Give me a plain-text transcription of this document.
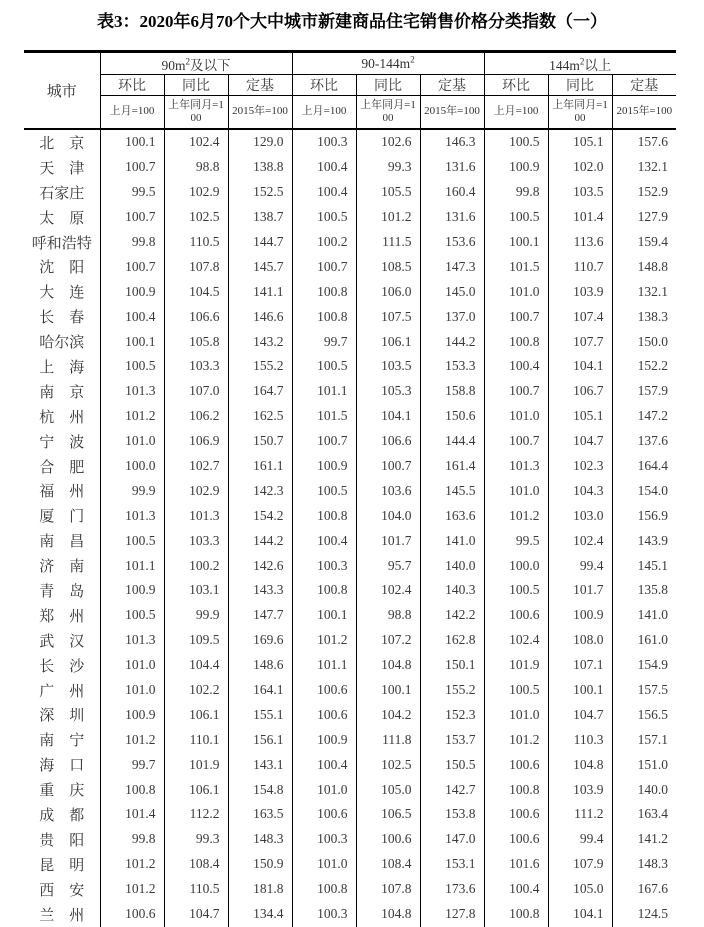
表3：2020年6月70个大中城市新建商品住宅销售价格分类指数（一）
城市	$90m^2$及以下			$90-144m^2$			$144m^2$以上		
	环比	同比	定基	环比	同比	定基	环比	同比	定基
	上月=100	上年同月=100	2015年=100	上月=100	上年同月=100	2015年=100	上月=100	上年同月=100	2015年=100
北　京	100.1	102.4	129.0	100.3	102.6	146.3	100.5	105.1	157.6
天　津	100.7	98.8	138.8	100.4	99.3	131.6	100.9	102.0	132.1
石家庄	99.5	102.9	152.5	100.4	105.5	160.4	99.8	103.5	152.9
太　原	100.7	102.5	138.7	100.5	101.2	131.6	100.5	101.4	127.9
呼和浩特	99.8	110.5	144.7	100.2	111.5	153.6	100.1	113.6	159.4
沈　阳	100.7	107.8	145.7	100.7	108.5	147.3	101.5	110.7	148.8
大　连	100.9	104.5	141.1	100.8	106.0	145.0	101.0	103.9	132.1
长　春	100.4	106.6	146.6	100.8	107.5	137.0	100.7	107.4	138.3
哈尔滨	100.1	105.8	143.2	99.7	106.1	144.2	100.8	107.7	150.0
上　海	100.5	103.3	155.2	100.5	103.5	153.3	100.4	104.1	152.2
南　京	101.3	107.0	164.7	101.1	105.3	158.8	100.7	106.7	157.9
杭　州	101.2	106.2	162.5	101.5	104.1	150.6	101.0	105.1	147.2
宁　波	101.0	106.9	150.7	100.7	106.6	144.4	100.7	104.7	137.6
合　肥	100.0	102.7	161.1	100.9	100.7	161.4	101.3	102.3	164.4
福　州	99.9	102.9	142.3	100.5	103.6	145.5	101.0	104.3	154.0
厦　门	101.3	101.3	154.2	100.8	104.0	163.6	101.2	103.0	156.9
南　昌	100.5	103.3	144.2	100.4	101.7	141.0	99.5	102.4	143.9
济　南	101.1	100.2	142.6	100.3	95.7	140.0	100.0	99.4	145.1
青　岛	100.9	103.1	143.3	100.8	102.4	140.3	100.5	101.7	135.8
郑　州	100.5	99.9	147.7	100.1	98.8	142.2	100.6	100.9	141.0
武　汉	101.3	109.5	169.6	101.2	107.2	162.8	102.4	108.0	161.0
长　沙	101.0	104.4	148.6	101.1	104.8	150.1	101.9	107.1	154.9
广　州	101.0	102.2	164.1	100.6	100.1	155.2	100.5	100.1	157.5
深　圳	100.9	106.1	155.1	100.6	104.2	152.3	101.0	104.7	156.5
南　宁	101.2	110.1	156.1	100.9	111.8	153.7	101.2	110.3	157.1
海　口	99.7	101.9	143.1	100.4	102.5	150.5	100.6	104.8	151.0
重　庆	100.8	106.1	154.8	101.0	105.0	142.7	100.8	103.9	140.0
成　都	101.4	112.2	163.5	100.6	106.5	153.8	100.6	111.2	163.4
贵　阳	99.8	99.3	148.3	100.3	100.6	147.0	100.6	99.4	141.2
昆　明	101.2	108.4	150.9	101.0	108.4	153.1	101.6	107.9	148.3
西　安	101.2	110.5	181.8	100.8	107.8	173.6	100.4	105.0	167.6
兰　州	100.6	104.7	134.4	100.3	104.8	127.8	100.8	104.1	124.5
